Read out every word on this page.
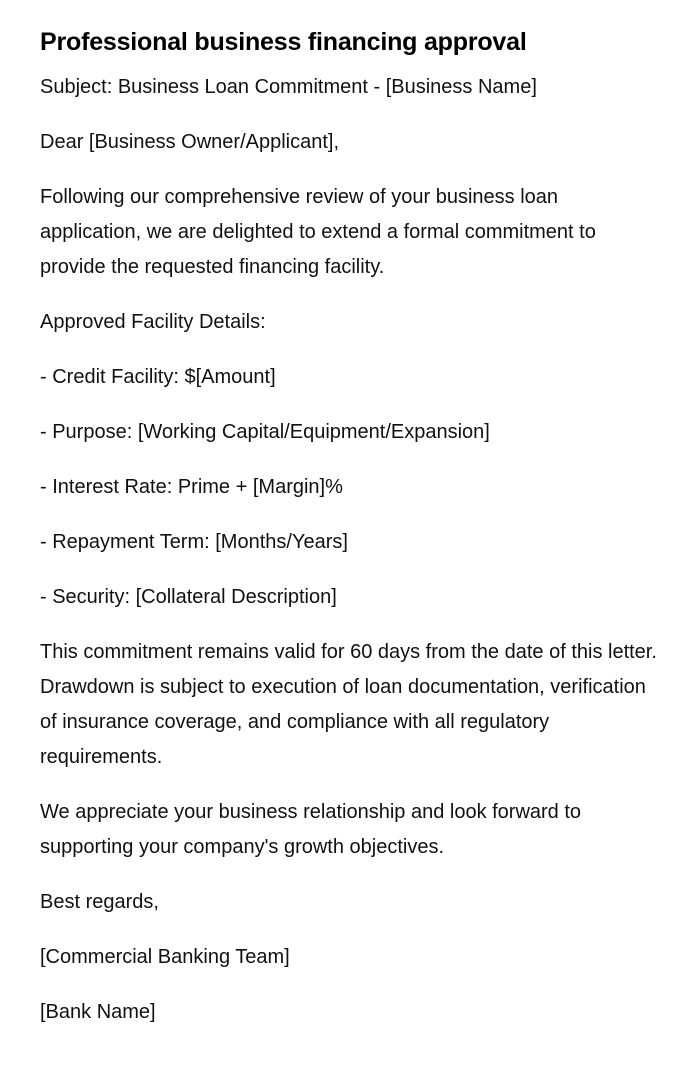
Professional business financing approval
Subject: Business Loan Commitment - [Business Name]
Dear [Business Owner/Applicant],
Following our comprehensive review of your business loan application, we are delighted to extend a formal commitment to provide the requested financing facility.
Approved Facility Details:
- Credit Facility: $[Amount]
- Purpose: [Working Capital/Equipment/Expansion]
- Interest Rate: Prime + [Margin]%
- Repayment Term: [Months/Years]
- Security: [Collateral Description]
This commitment remains valid for 60 days from the date of this letter. Drawdown is subject to execution of loan documentation, verification of insurance coverage, and compliance with all regulatory requirements.
We appreciate your business relationship and look forward to supporting your company's growth objectives.
Best regards,
[Commercial Banking Team]
[Bank Name]
